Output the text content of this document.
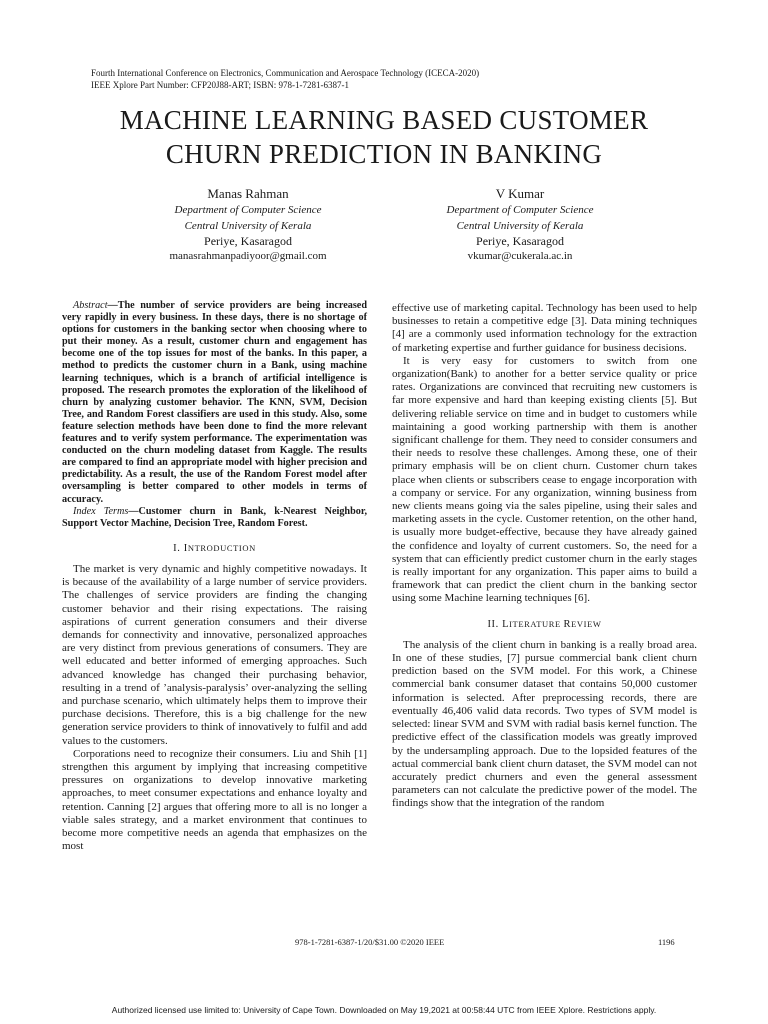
Fourth International Conference on Electronics, Communication and Aerospace Technology (ICECA-2020)
IEEE Xplore Part Number: CFP20J88-ART; ISBN: 978-1-7281-6387-1
MACHINE LEARNING BASED CUSTOMER
CHURN PREDICTION IN BANKING
Manas Rahman
Department of Computer Science
Central University of Kerala
Periye, Kasaragod
manasrahmanpadiyoor@gmail.com
V Kumar
Department of Computer Science
Central University of Kerala
Periye, Kasaragod
vkumar@cukerala.ac.in

Abstract—The number of service providers are being increased very rapidly in every business. In these days, there is no shortage of options for customers in the banking sector when choosing where to put their money. As a result, customer churn and engagement has become one of the top issues for most of the banks. In this paper, a method to predicts the customer churn in a Bank, using machine learning techniques, which is a branch of artificial intelligence is proposed. The research promotes the exploration of the likelihood of churn by analyzing customer behavior. The KNN, SVM, Decision Tree, and Random Forest classifiers are used in this study. Also, some feature selection methods have been done to find the more relevant features and to verify system performance. The experimentation was conducted on the churn modeling dataset from Kaggle. The results are compared to find an appropriate model with higher precision and predictability. As a result, the use of the Random Forest model after oversampling is better compared to other models in terms of accuracy.

Index Terms—Customer churn in Bank, k-Nearest Neighbor, Support Vector Machine, Decision Tree, Random Forest.

I. INTRODUCTION

The market is very dynamic and highly competitive nowadays. It is because of the availability of a large number of service providers. The challenges of service providers are finding the changing customer behavior and their rising expectations. The raising aspirations of current generation consumers and their diverse demands for connectivity and innovative, personalized approaches are very distinct from previous generations of consumers. They are well educated and better informed of emerging approaches. Such advanced knowledge has changed their purchasing behavior, resulting in a trend of ’analysis-paralysis’ over-analyzing the selling and purchase scenario, which ultimately helps them to improve their purchase decisions. Therefore, this is a big challenge for the new generation service providers to think of innovatively to fulfil and add values to the customers.

Corporations need to recognize their consumers. Liu and Shih [1] strengthen this argument by implying that increasing competitive pressures on organizations to develop innovative marketing approaches, to meet consumer expectations and enhance loyalty and retention. Canning [2] argues that offering more to all is no longer a viable sales strategy, and a market environment that continues to become more competitive needs an agenda that emphasizes on the most

effective use of marketing capital. Technology has been used to help businesses to retain a competitive edge [3]. Data mining techniques [4] are a commonly used information technology for the extraction of marketing expertise and further guidance for business decisions.

It is very easy for customers to switch from one organization(Bank) to another for a better service quality or price rates. Organizations are convinced that recruiting new customers is far more expensive and hard than keeping existing clients [5]. But delivering reliable service on time and in budget to customers while maintaining a good working partnership with them is another significant challenge for them. They need to consider consumers and their needs to resolve these challenges. Among these, one of their primary emphasis will be on client churn. Customer churn takes place when clients or subscribers cease to engage incorporation with a company or service. For any organization, winning business from new clients means going via the sales pipeline, using their sales and marketing assets in the cycle. Customer retention, on the other hand, is usually more budget-effective, because they have already gained the confidence and loyalty of current customers. So, the need for a system that can efficiently predict customer churn in the early stages is really important for any organization. This paper aims to build a framework that can predict the client churn in the banking sector using some Machine learning techniques [6].

II. LITERATURE REVIEW

The analysis of the client churn in banking is a really broad area. In one of these studies, [7] pursue commercial bank client churn prediction based on the SVM model. For this work, a Chinese commercial bank consumer dataset that contains 50,000 customer information is selected. After preprocessing records, there are eventually 46,406 valid data records. Two types of SVM model is selected: linear SVM and SVM with radial basis kernel function. The predictive effect of the classification models was greatly improved by the undersampling approach. Due to the lopsided features of the actual commercial bank client churn dataset, the SVM model can not accurately predict churners and even the general assessment parameters can not calculate the predictive power of the model. The findings show that the integration of the random

978-1-7281-6387-1/20/$31.00 ©2020 IEEE	1196
Authorized licensed use limited to: University of Cape Town. Downloaded on May 19,2021 at 00:58:44 UTC from IEEE Xplore. Restrictions apply.
